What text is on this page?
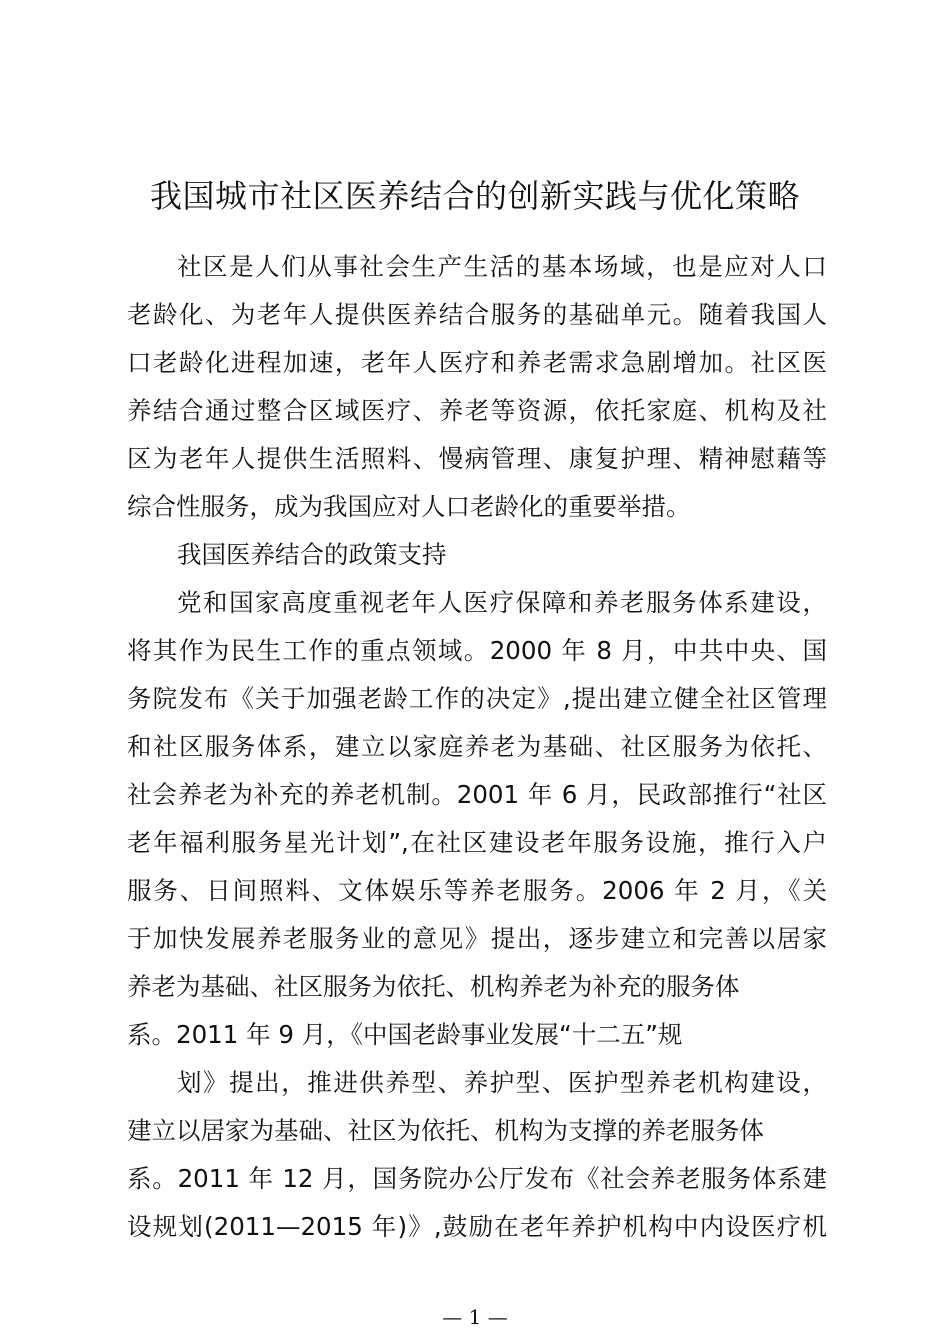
我国城市社区医养结合的创新实践与优化策略
社区是人们从事社会生产生活的基本场域，也是应对人口
老龄化、为老年人提供医养结合服务的基础单元。随着我国人
口老龄化进程加速，老年人医疗和养老需求急剧增加。社区医
养结合通过整合区域医疗、养老等资源，依托家庭、机构及社
区为老年人提供生活照料、慢病管理、康复护理、精神慰藉等
综合性服务，成为我国应对人口老龄化的重要举措。
我国医养结合的政策支持
党和国家高度重视老年人医疗保障和养老服务体系建设，
将其作为民生工作的重点领域。2000 年 8 月，中共中央、国
务院发布《关于加强老龄工作的决定》,提出建立健全社区管理
和社区服务体系，建立以家庭养老为基础、社区服务为依托、
社会养老为补充的养老机制。2001 年 6 月，民政部推行“社区
老年福利服务星光计划”,在社区建设老年服务设施，推行入户
服务、日间照料、文体娱乐等养老服务。2006 年 2 月，《关
于加快发展养老服务业的意见》提出，逐步建立和完善以居家
养老为基础、社区服务为依托、机构养老为补充的服务体
系。2011 年 9 月，《中国老龄事业发展“十二五”规
划》提出，推进供养型、养护型、医护型养老机构建设，
建立以居家为基础、社区为依托、机构为支撑的养老服务体
系。2011 年 12 月，国务院办公厅发布《社会养老服务体系建
设规划(2011—2015 年)》,鼓励在老年养护机构中内设医疗机
— 1 —
